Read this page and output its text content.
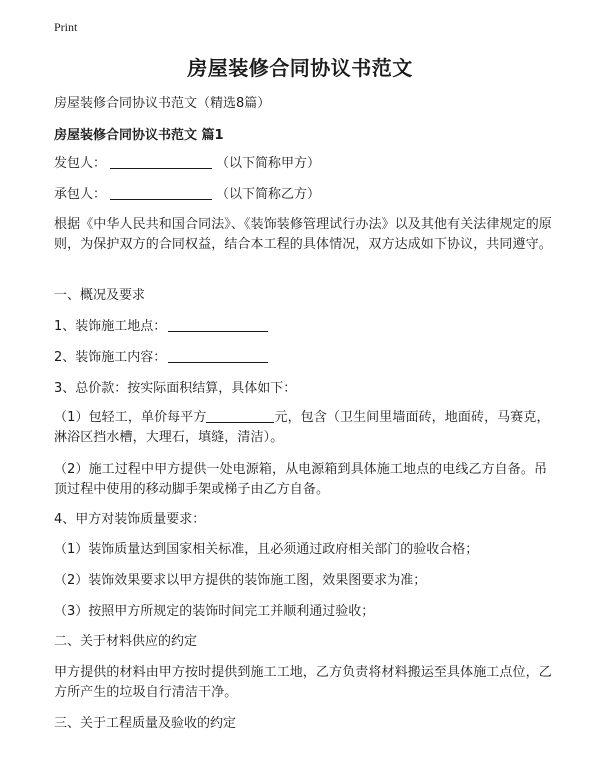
Print
房屋装修合同协议书范文
房屋装修合同协议书范文（精选8篇）
房屋装修合同协议书范文 篇1
发包人：	（以下简称甲方）
承包人：	（以下简称乙方）
根据《中华人民共和国合同法》、《装饰装修管理试行办法》以及其他有关法律规定的原则，为保护双方的合同权益，结合本工程的具体情况，双方达成如下协议，共同遵守。
一、概况及要求
1、装饰施工地点：
2、装饰施工内容：
3、总价款：按实际面积结算，具体如下：
（1）包轻工，单价每平方	元，包含（卫生间里墙面砖，地面砖，马赛克，淋浴区挡水槽，大理石，填缝，清洁）。
（2）施工过程中甲方提供一处电源箱，从电源箱到具体施工地点的电线乙方自备。吊顶过程中使用的移动脚手架或梯子由乙方自备。
4、甲方对装饰质量要求：
（1）装饰质量达到国家相关标准，且必须通过政府相关部门的验收合格；
（2）装饰效果要求以甲方提供的装饰施工图，效果图要求为准；
（3）按照甲方所规定的装饰时间完工并顺利通过验收；
二、关于材料供应的约定
甲方提供的材料由甲方按时提供到施工工地，乙方负责将材料搬运至具体施工点位，乙方所产生的垃圾自行清洁干净。
三、关于工程质量及验收的约定
